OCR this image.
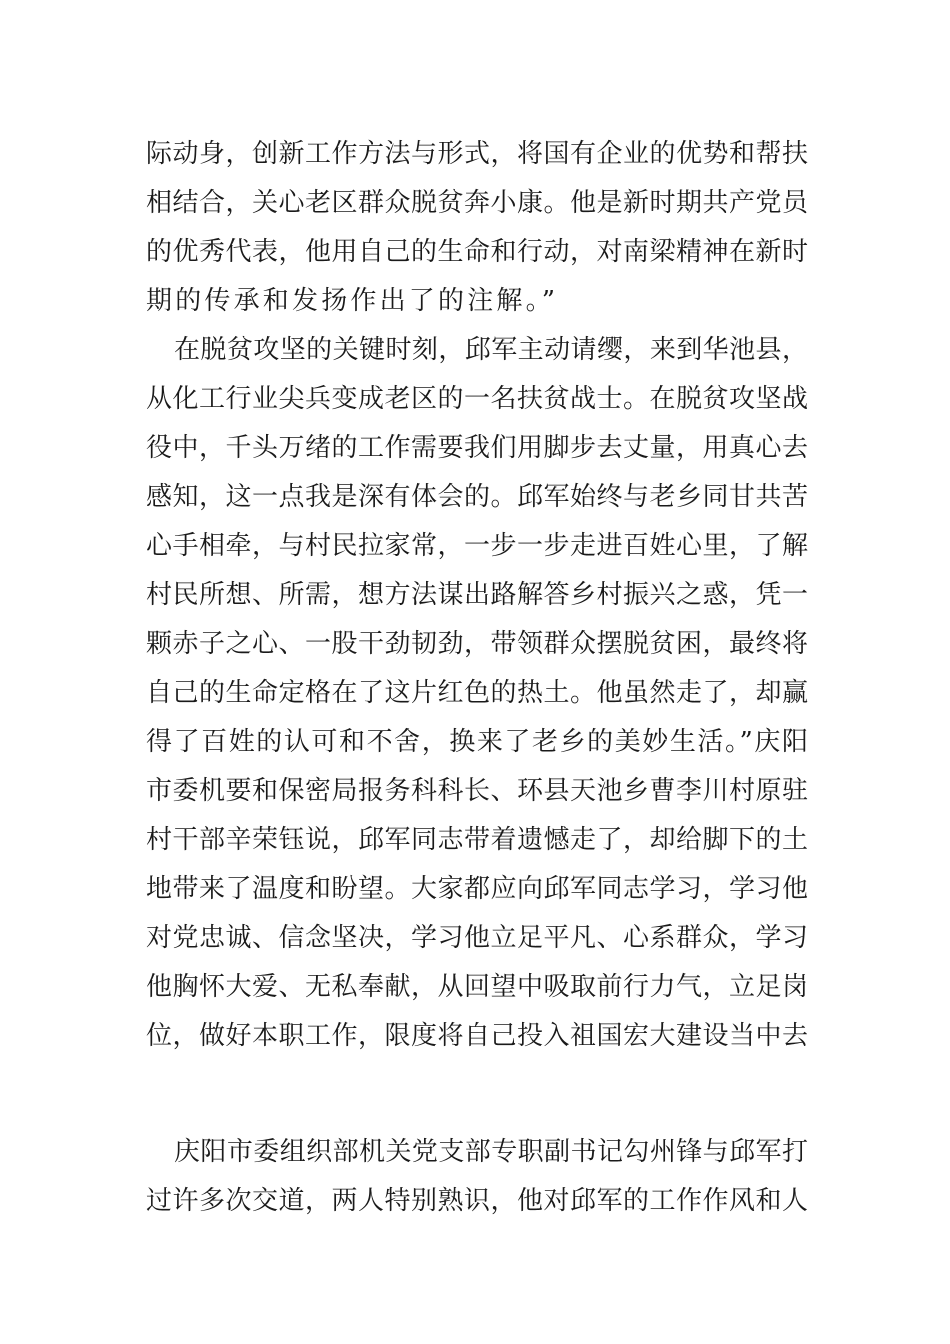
际动身，创新工作方法与形式，将国有企业的优势和帮扶
相结合，关心老区群众脱贫奔小康。他是新时期共产党员
的优秀代表，他用自己的生命和行动，对南梁精神在新时
期的传承和发扬作出了的注解。”
在脱贫攻坚的关键时刻，邱军主动请缨，来到华池县，
从化工行业尖兵变成老区的一名扶贫战士。在脱贫攻坚战
役中，千头万绪的工作需要我们用脚步去丈量，用真心去
感知，这一点我是深有体会的。邱军始终与老乡同甘共苦
心手相牵，与村民拉家常，一步一步走进百姓心里，了解
村民所想、所需，想方法谋出路解答乡村振兴之惑，凭一
颗赤子之心、一股干劲韧劲，带领群众摆脱贫困，最终将
自己的生命定格在了这片红色的热土。他虽然走了，却赢
得了百姓的认可和不舍，换来了老乡的美妙生活。”庆阳
市委机要和保密局报务科科长、环县天池乡曹李川村原驻
村干部辛荣钰说，邱军同志带着遗憾走了，却给脚下的土
地带来了温度和盼望。大家都应向邱军同志学习，学习他
对党忠诚、信念坚决，学习他立足平凡、心系群众，学习
他胸怀大爱、无私奉献，从回望中吸取前行力气，立足岗
位，做好本职工作，限度将自己投入祖国宏大建设当中去
庆阳市委组织部机关党支部专职副书记勾州锋与邱军打
过许多次交道，两人特别熟识，他对邱军的工作作风和人
